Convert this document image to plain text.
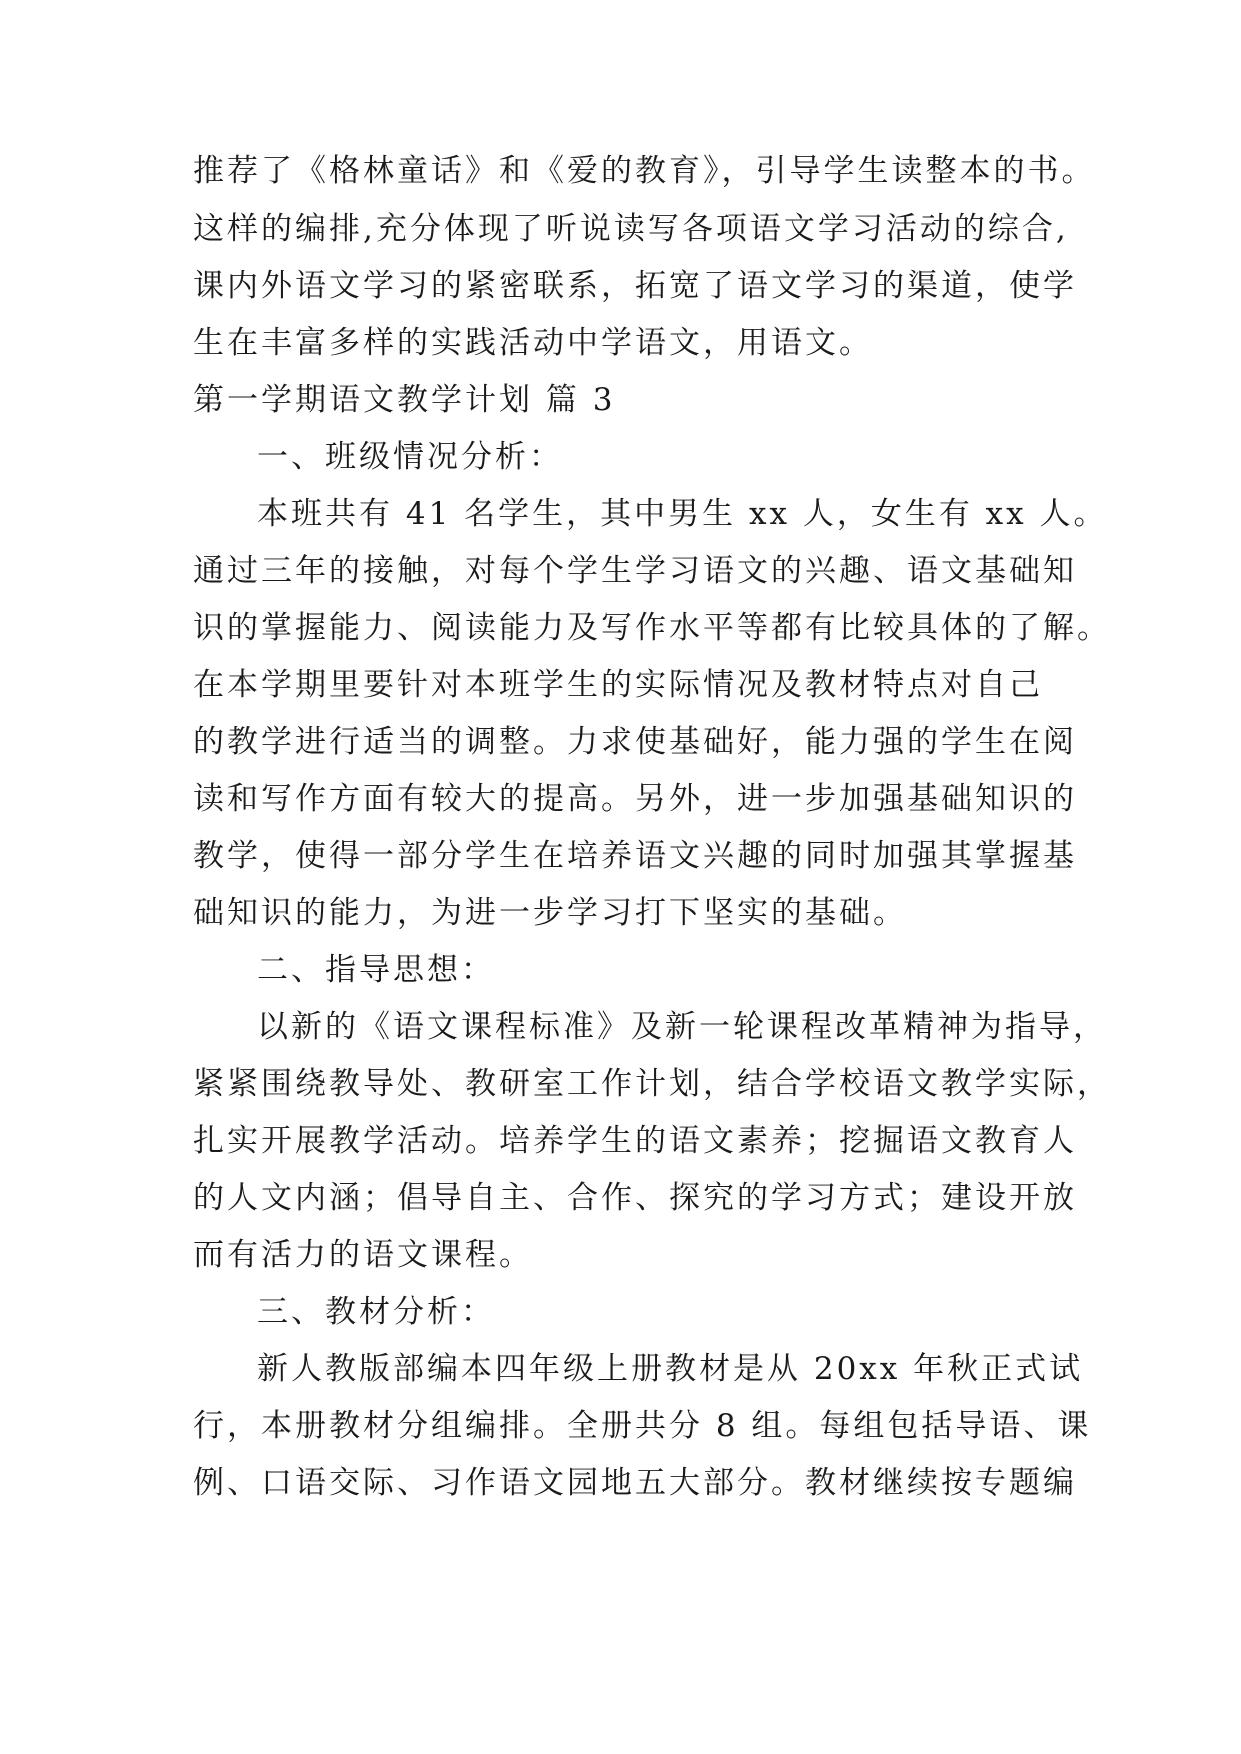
推荐了《格林童话》和《爱的教育》，引导学生读整本的书。
这样的编排,充分体现了听说读写各项语文学习活动的综合,
课内外语文学习的紧密联系，拓宽了语文学习的渠道，使学
生在丰富多样的实践活动中学语文，用语文。
第一学期语文教学计划 篇 3
一、班级情况分析：
本班共有 41 名学生，其中男生 xx 人，女生有 xx 人。
通过三年的接触，对每个学生学习语文的兴趣、语文基础知
识的掌握能力、阅读能力及写作水平等都有比较具体的了解。
在本学期里要针对本班学生的实际情况及教材特点对自己
的教学进行适当的调整。力求使基础好，能力强的学生在阅
读和写作方面有较大的提高。另外，进一步加强基础知识的
教学，使得一部分学生在培养语文兴趣的同时加强其掌握基
础知识的能力，为进一步学习打下坚实的基础。
二、指导思想：
以新的《语文课程标准》及新一轮课程改革精神为指导，
紧紧围绕教导处、教研室工作计划，结合学校语文教学实际，
扎实开展教学活动。培养学生的语文素养；挖掘语文教育人
的人文内涵；倡导自主、合作、探究的学习方式；建设开放
而有活力的语文课程。
三、教材分析：
新人教版部编本四年级上册教材是从 20xx 年秋正式试
行，本册教材分组编排。全册共分 8 组。每组包括导语、课
例、口语交际、习作语文园地五大部分。教材继续按专题编
